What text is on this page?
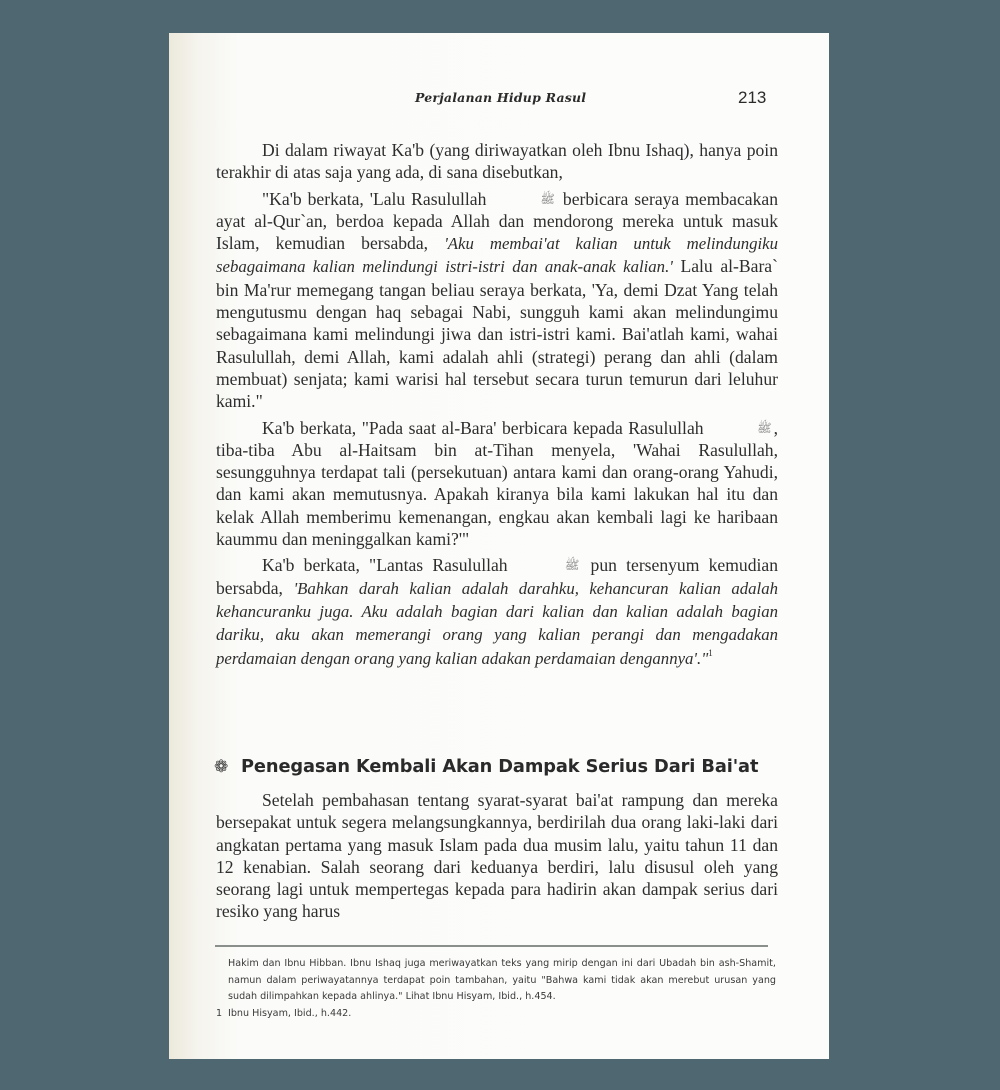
Perjalanan Hidup Rasul	213

Di dalam riwayat Ka'b (yang diriwayatkan oleh Ibnu Ishaq), hanya poin terakhir di atas saja yang ada, di sana disebutkan,

"Ka'b berkata, 'Lalu Rasulullah	ﷺ berbicara seraya membacakan ayat al-Qur`an, berdoa kepada Allah dan mendorong mereka untuk masuk Islam, kemudian bersabda, 'Aku membai'at kalian untuk melindungiku sebagaimana kalian melindungi istri-istri dan anak-anak kalian.' Lalu al-Bara` bin Ma'rur memegang tangan beliau seraya berkata, 'Ya, demi Dzat Yang telah mengutusmu dengan haq sebagai Nabi, sungguh kami akan melindungimu sebagaimana kami melindungi jiwa dan istri-istri kami. Bai'atlah kami, wahai Rasulullah, demi Allah, kami adalah ahli (strategi) perang dan ahli (dalam membuat) senjata; kami warisi hal tersebut secara turun temurun dari leluhur kami."

Ka'b berkata, "Pada saat al-Bara' berbicara kepada Rasulullah	ﷺ , tiba-tiba Abu al-Haitsam bin at-Tihan menyela, 'Wahai Rasulullah, sesungguhnya terdapat tali (persekutuan) antara kami dan orang-orang Yahudi, dan kami akan memutusnya. Apakah kiranya bila kami lakukan hal itu dan kelak Allah memberimu kemenangan, engkau akan kembali lagi ke haribaan kaummu dan meninggalkan kami?'"

Ka'b berkata, "Lantas Rasulullah	ﷺ pun tersenyum kemudian bersabda, 'Bahkan darah kalian adalah darahku, kehancuran kalian adalah kehancuranku juga. Aku adalah bagian dari kalian dan kalian adalah bagian dariku, aku akan memerangi orang yang kalian perangi dan mengadakan perdamaian dengan orang yang kalian adakan perdamaian dengannya'."$^1$

❁ Penegasan Kembali Akan Dampak Serius Dari Bai'at

Setelah pembahasan tentang syarat-syarat bai'at rampung dan mereka bersepakat untuk segera melangsungkannya, berdirilah dua orang laki-laki dari angkatan pertama yang masuk Islam pada dua musim lalu, yaitu tahun 11 dan 12 kenabian. Salah seorang dari keduanya berdiri, lalu disusul oleh yang seorang lagi untuk mempertegas kepada para hadirin akan dampak serius dari resiko yang harus

Hakim dan Ibnu Hibban. Ibnu Ishaq juga meriwayatkan teks yang mirip dengan ini dari Ubadah bin ash-Shamit, namun dalam periwayatannya terdapat poin tambahan, yaitu "Bahwa kami tidak akan merebut urusan yang sudah dilimpahkan kepada ahlinya." Lihat Ibnu Hisyam, Ibid., h.454.
1 Ibnu Hisyam, Ibid., h.442.
